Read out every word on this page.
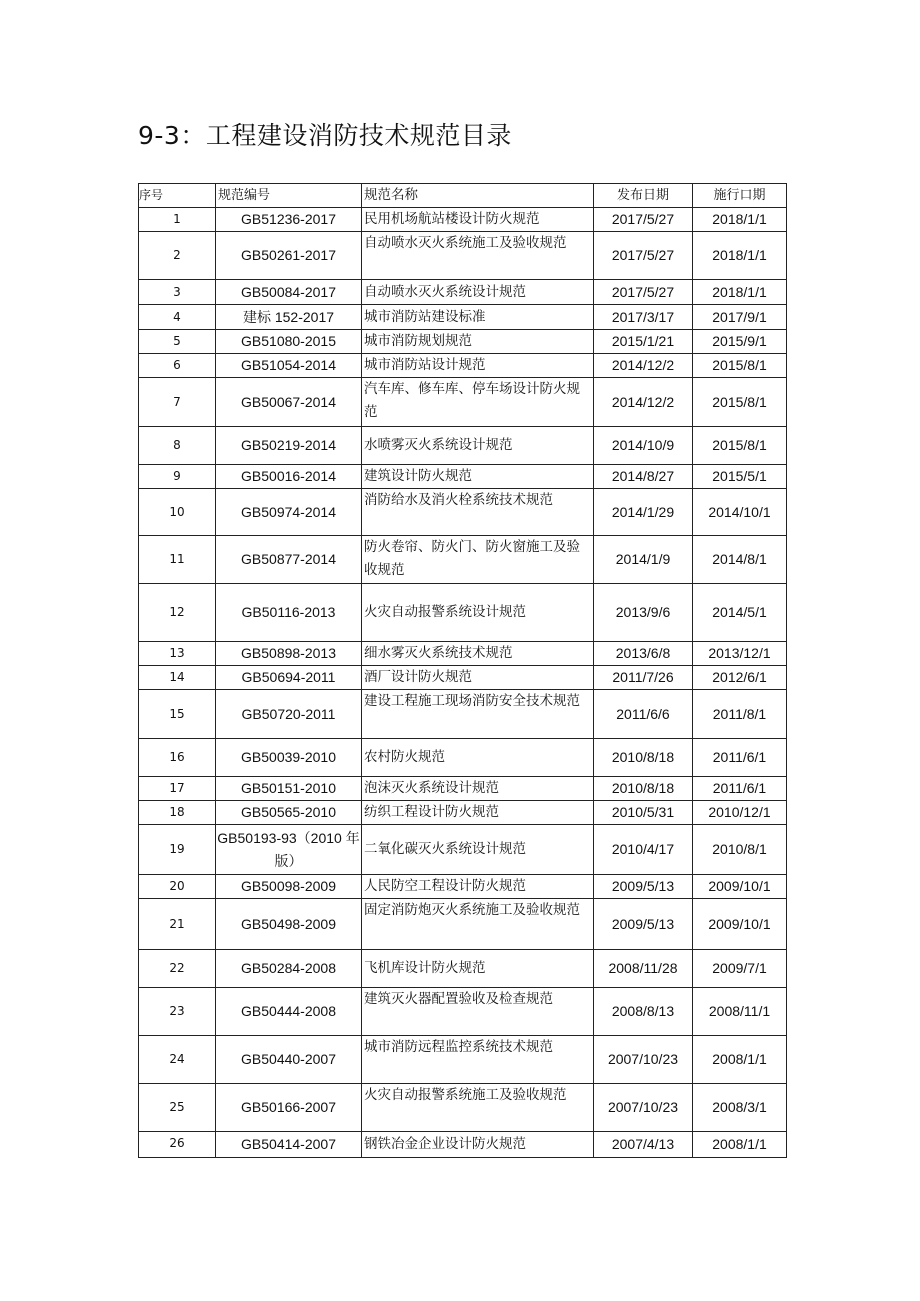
9-3：工程建设消防技术规范目录
序号	规范编号	规范名称	发布日期	施行口期
1	GB51236-2017	民用机场航站楼设计防火规范	2017/5/27	2018/1/1
2	GB50261-2017	自动喷水灭火系统施工及验收规范	2017/5/27	2018/1/1
3	GB50084-2017	自动喷水灭火系统设计规范	2017/5/27	2018/1/1
4	建标 152-2017	城市消防站建设标准	2017/3/17	2017/9/1
5	GB51080-2015	城市消防规划规范	2015/1/21	2015/9/1
6	GB51054-2014	城市消防站设计规范	2014/12/2	2015/8/1
7	GB50067-2014	汽车库、修车库、停车场设计防火规范	2014/12/2	2015/8/1
8	GB50219-2014	水喷雾灭火系统设计规范	2014/10/9	2015/8/1
9	GB50016-2014	建筑设计防火规范	2014/8/27	2015/5/1
10	GB50974-2014	消防给水及消火栓系统技术规范	2014/1/29	2014/10/1
11	GB50877-2014	防火卷帘、防火门、防火窗施工及验收规范	2014/1/9	2014/8/1
12	GB50116-2013	火灾自动报警系统设计规范	2013/9/6	2014/5/1
13	GB50898-2013	细水雾灭火系统技术规范	2013/6/8	2013/12/1
14	GB50694-2011	酒厂设计防火规范	2011/7/26	2012/6/1
15	GB50720-2011	建设工程施工现场消防安全技术规范	2011/6/6	2011/8/1
16	GB50039-2010	农村防火规范	2010/8/18	2011/6/1
17	GB50151-2010	泡沫灭火系统设计规范	2010/8/18	2011/6/1
18	GB50565-2010	纺织工程设计防火规范	2010/5/31	2010/12/1
19	GB50193-93（2010 年版）	二氧化碳灭火系统设计规范	2010/4/17	2010/8/1
20	GB50098-2009	人民防空工程设计防火规范	2009/5/13	2009/10/1
21	GB50498-2009	固定消防炮灭火系统施工及验收规范	2009/5/13	2009/10/1
22	GB50284-2008	飞机库设计防火规范	2008/11/28	2009/7/1
23	GB50444-2008	建筑灭火器配置验收及检查规范	2008/8/13	2008/11/1
24	GB50440-2007	城市消防远程监控系统技术规范	2007/10/23	2008/1/1
25	GB50166-2007	火灾自动报警系统施工及验收规范	2007/10/23	2008/3/1
26	GB50414-2007	钢铁冶金企业设计防火规范	2007/4/13	2008/1/1
